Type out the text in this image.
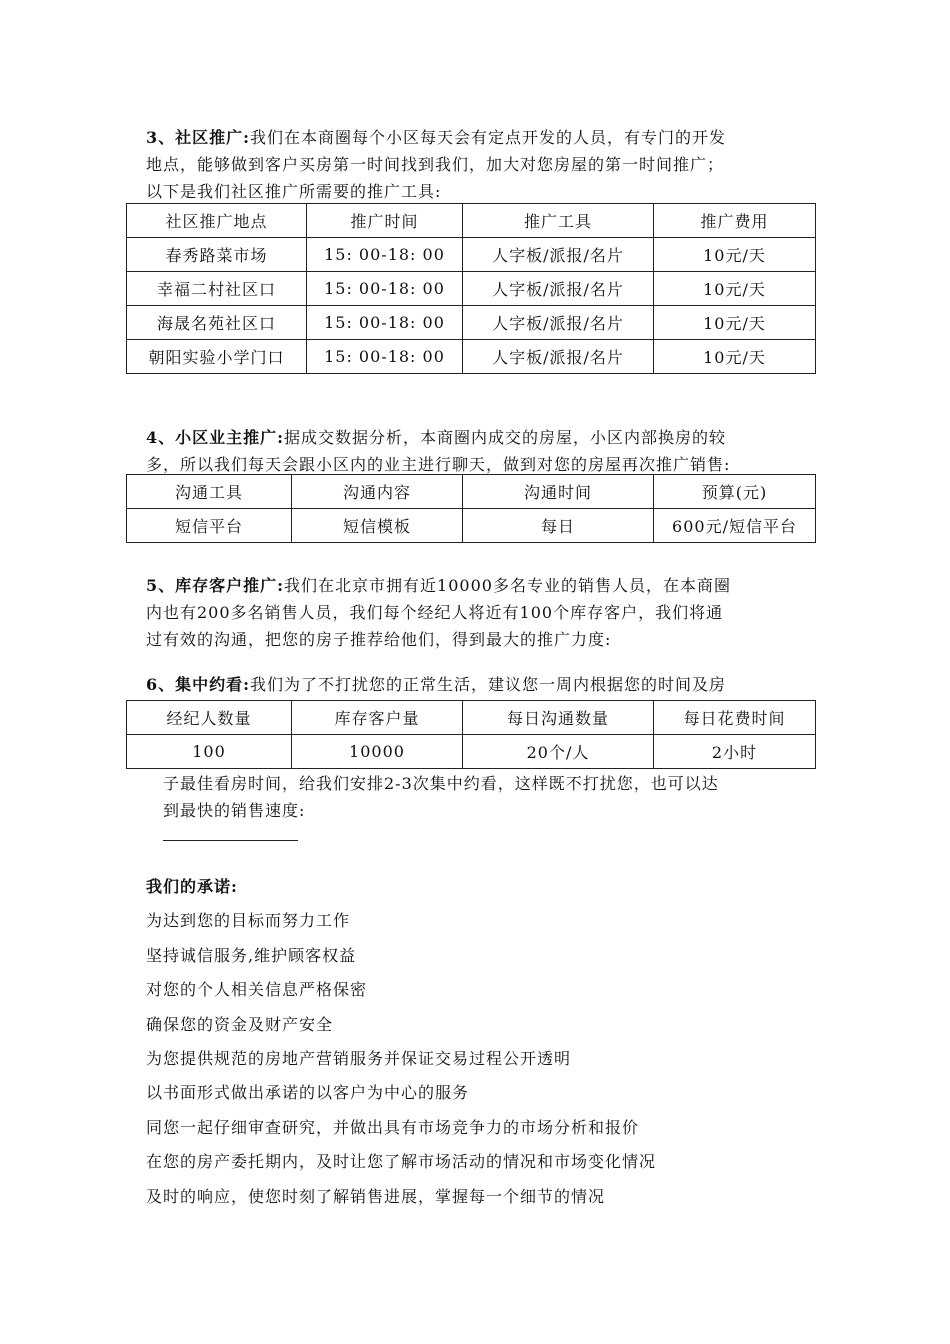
3、社区推广:我们在本商圈每个小区每天会有定点开发的人员，有专门的开发
地点，能够做到客户买房第一时间找到我们，加大对您房屋的第一时间推广；
以下是我们社区推广所需要的推广工具:
社区推广地点	推广时间	推广工具	推广费用
春秀路菜市场	15: 00-18: 00	人字板/派报/名片	10元/天
幸福二村社区口	15: 00-18: 00	人字板/派报/名片	10元/天
海晟名苑社区口	15: 00-18: 00	人字板/派报/名片	10元/天
朝阳实验小学门口	15: 00-18: 00	人字板/派报/名片	10元/天
4、小区业主推广:据成交数据分析，本商圈内成交的房屋，小区内部换房的较
多，所以我们每天会跟小区内的业主进行聊天，做到对您的房屋再次推广销售:
沟通工具	沟通内容	沟通时间	预算(元)
短信平台	短信模板	每日	600元/短信平台
5、库存客户推广:我们在北京市拥有近10000多名专业的销售人员，在本商圈
内也有200多名销售人员，我们每个经纪人将近有100个库存客户，我们将通
过有效的沟通，把您的房子推荐给他们，得到最大的推广力度:
6、集中约看:我们为了不打扰您的正常生活，建议您一周内根据您的时间及房
经纪人数量	库存客户量	每日沟通数量	每日花费时间
100	10000	20个/人	2小时
子最佳看房时间，给我们安排2-3次集中约看，这样既不打扰您，也可以达
到最快的销售速度:
我们的承诺:
为达到您的目标而努力工作
坚持诚信服务,维护顾客权益
对您的个人相关信息严格保密
确保您的资金及财产安全
为您提供规范的房地产营销服务并保证交易过程公开透明
以书面形式做出承诺的以客户为中心的服务
同您一起仔细审查研究，并做出具有市场竞争力的市场分析和报价
在您的房产委托期内，及时让您了解市场活动的情况和市场变化情况
及时的响应，使您时刻了解销售进展，掌握每一个细节的情况
